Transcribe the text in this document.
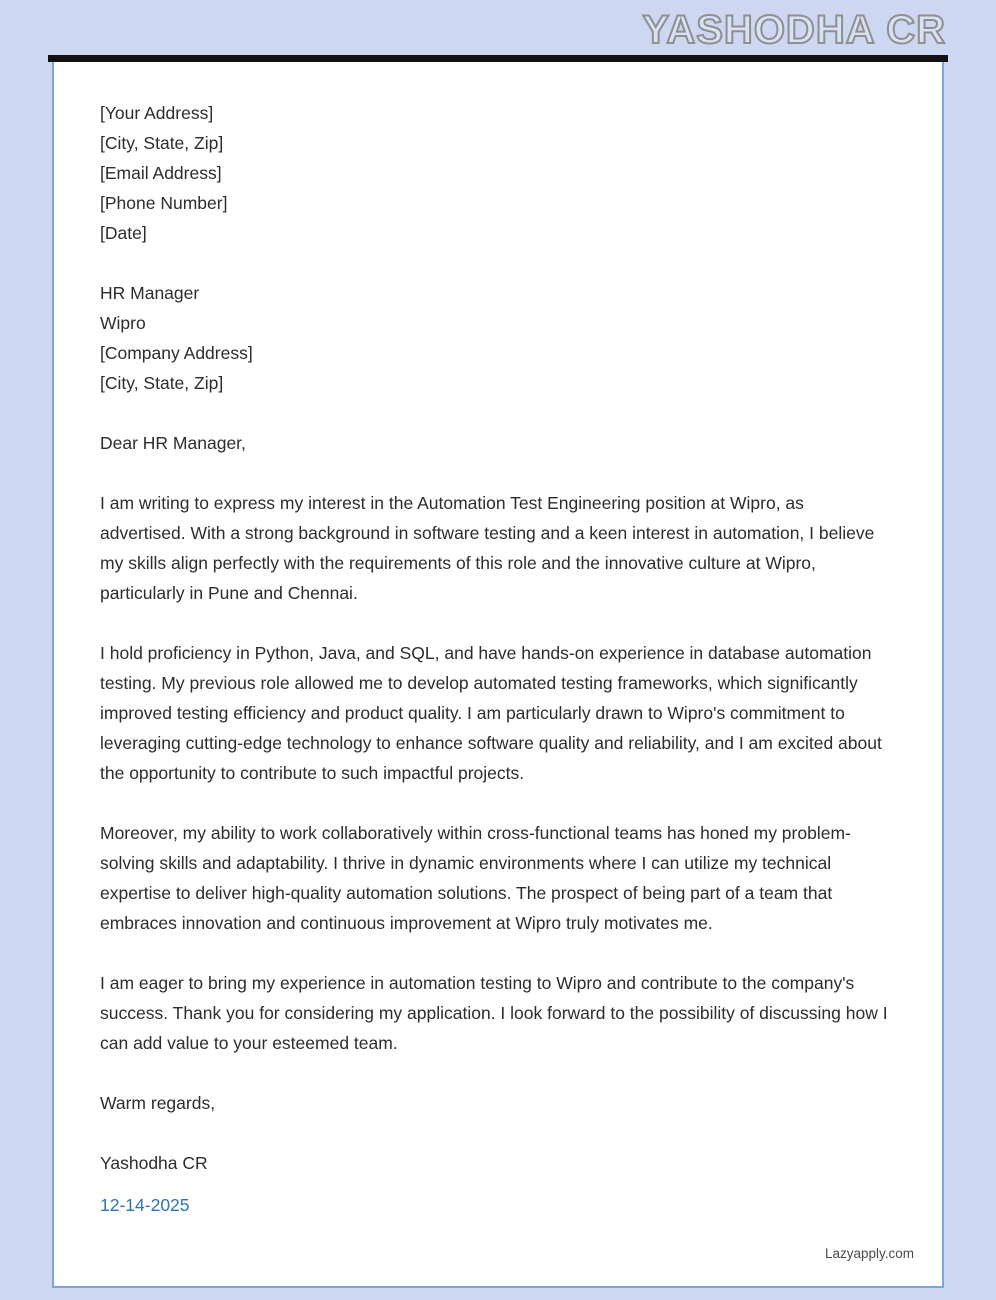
YASHODHA CR
[Your Address]
[City, State, Zip]
[Email Address]
[Phone Number]
[Date]
HR Manager
Wipro
[Company Address]
[City, State, Zip]
Dear HR Manager,

I am writing to express my interest in the Automation Test Engineering position at Wipro, as advertised. With a strong background in software testing and a keen interest in automation, I believe my skills align perfectly with the requirements of this role and the innovative culture at Wipro, particularly in Pune and Chennai.

I hold proficiency in Python, Java, and SQL, and have hands-on experience in database automation testing. My previous role allowed me to develop automated testing frameworks, which significantly improved testing efficiency and product quality. I am particularly drawn to Wipro's commitment to leveraging cutting-edge technology to enhance software quality and reliability, and I am excited about the opportunity to contribute to such impactful projects.

Moreover, my ability to work collaboratively within cross-functional teams has honed my problem-solving skills and adaptability. I thrive in dynamic environments where I can utilize my technical expertise to deliver high-quality automation solutions. The prospect of being part of a team that embraces innovation and continuous improvement at Wipro truly motivates me.

I am eager to bring my experience in automation testing to Wipro and contribute to the company's success. Thank you for considering my application. I look forward to the possibility of discussing how I can add value to your esteemed team.

Warm regards,
Yashodha CR
12-14-2025
Lazyapply.com
